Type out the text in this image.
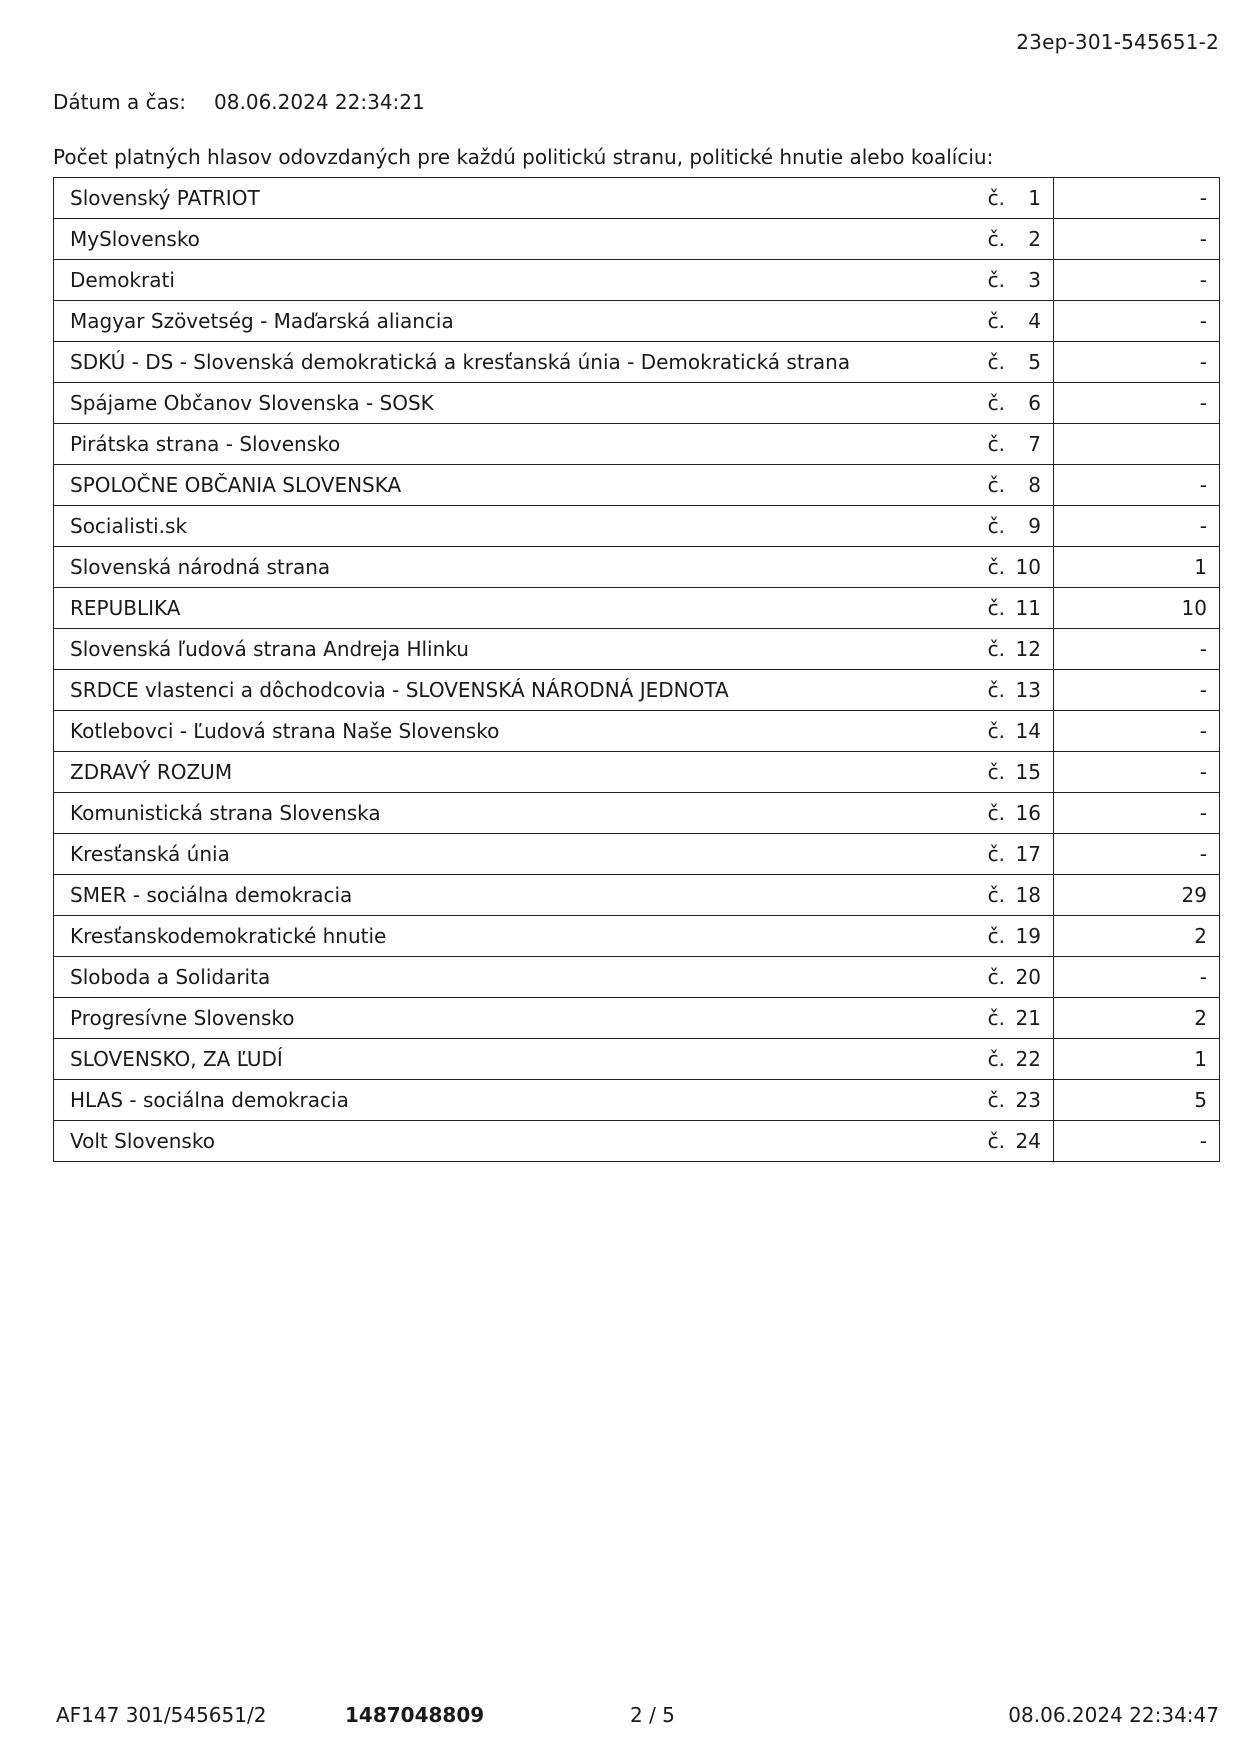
23ep-301-545651-2
Dátum a čas: 08.06.2024 22:34:21
Počet platných hlasov odovzdaných pre každú politickú stranu, politické hnutie alebo koalíciu:
Slovenský PATRIOT	č. 1	-
MySlovensko	č. 2	-
Demokrati	č. 3	-
Magyar Szövetség - Maďarská aliancia	č. 4	-
SDKÚ - DS - Slovenská demokratická a kresťanská únia - Demokratická strana	č. 5	-
Spájame Občanov Slovenska - SOSK	č. 6	-
Pirátska strana - Slovensko	č. 7	
SPOLOČNE OBČANIA SLOVENSKA	č. 8	-
Socialisti.sk	č. 9	-
Slovenská národná strana	č. 10	1
REPUBLIKA	č. 11	10
Slovenská ľudová strana Andreja Hlinku	č. 12	-
SRDCE vlastenci a dôchodcovia - SLOVENSKÁ NÁRODNÁ JEDNOTA	č. 13	-
Kotlebovci - Ľudová strana Naše Slovensko	č. 14	-
ZDRAVÝ ROZUM	č. 15	-
Komunistická strana Slovenska	č. 16	-
Kresťanská únia	č. 17	-
SMER - sociálna demokracia	č. 18	29
Kresťanskodemokratické hnutie	č. 19	2
Sloboda a Solidarita	č. 20	-
Progresívne Slovensko	č. 21	2
SLOVENSKO, ZA ĽUDÍ	č. 22	1
HLAS - sociálna demokracia	č. 23	5
Volt Slovensko	č. 24	-
AF147 301/545651/2	1487048809	2 / 5	08.06.2024 22:34:47
